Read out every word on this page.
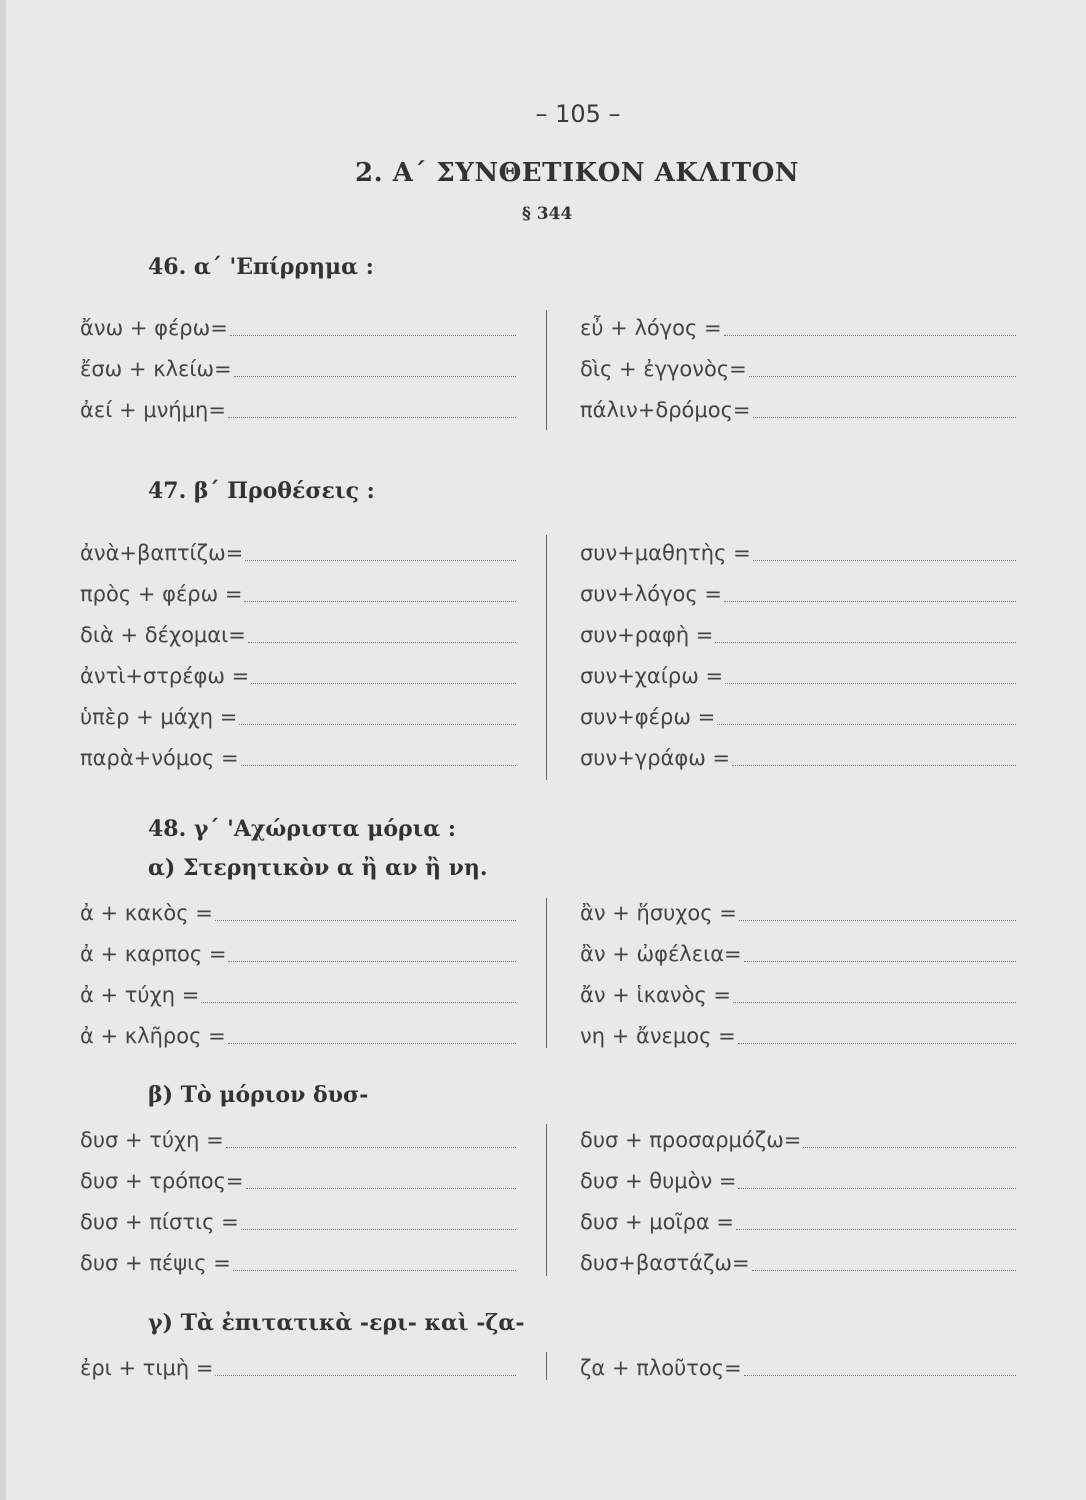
– 105 –
2. Α΄ ΣΥΝΘΕΤΙΚΟΝ ΑΚΛΙΤΟΝ
§ 344
46. α΄ 'Επίρρημα :
ἄνω + φέρω=
ἔσω + κλείω=
ἀεί + μνήμη=
εὖ + λόγος =
δὶς + ἐγγονὸς=
πάλιν+δρόμος=
47. β΄ Προθέσεις :
ἀνὰ+βαπτίζω=
πρὸς + φέρω =
διὰ + δέχομαι=
ἀντὶ+στρέφω =
ὑπὲρ + μάχη =
παρὰ+νόμος =
συν+μαθητὴς =
συν+λόγος =
συν+ραφὴ =
συν+χαίρω =
συν+φέρω =
συν+γράφω =
48. γ΄ 'Αχώριστα μόρια :
α) Στερητικὸν α ἢ αν ἢ νη.
ἀ + κακὸς =
ἀ + καρπος =
ἀ + τύχη =
ἀ + κλῆρος =
ἂν + ἥσυχος =
ἂν + ὠφέλεια=
ἄν + ἱκανὸς =
νη + ἄνεμος =
β) Τὸ μόριον δυσ-
δυσ + τύχη =
δυσ + τρόπος=
δυσ + πίστις =
δυσ + πέψις =
δυσ + προσαρμόζω=
δυσ + θυμὸν =
δυσ + μοῖρα =
δυσ+βαστάζω=
γ) Τὰ ἐπιτατικὰ -ερι- καὶ -ζα-
ἐρι + τιμὴ =	ζα + πλοῦτος=
